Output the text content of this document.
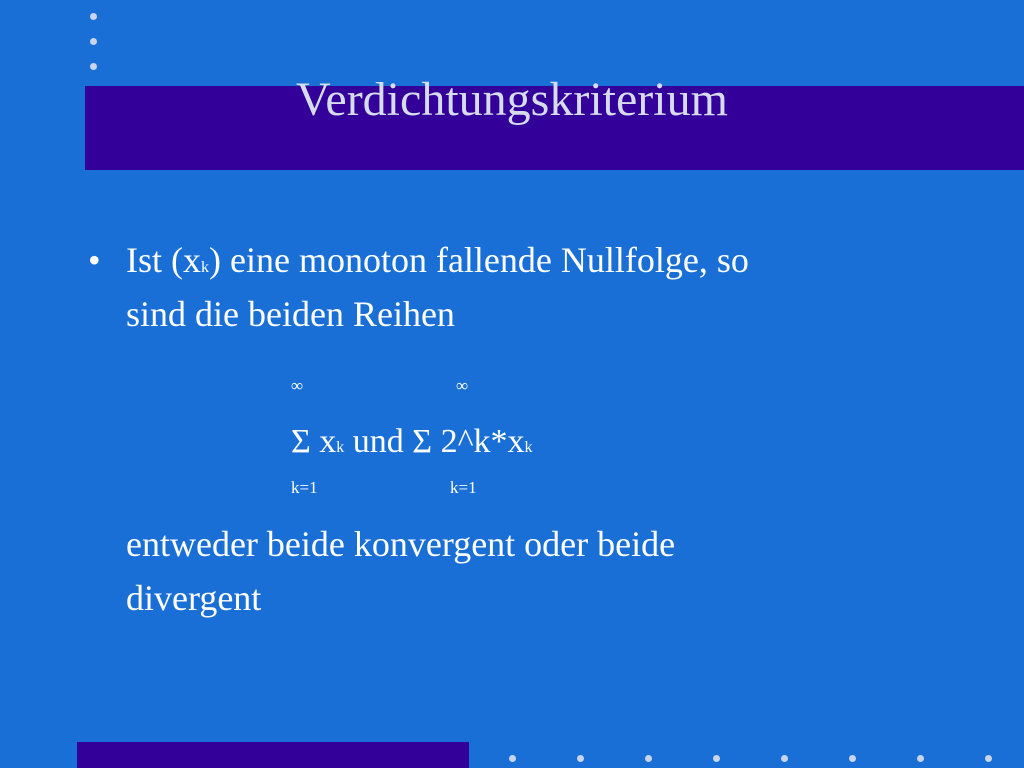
Verdichtungskriterium
• Ist (xk) eine monoton fallende Nullfolge, so
sind die beiden Reihen
∞	∞
Σ xk und Σ 2^k*xk
k=1	k=1
entweder beide konvergent oder beide
divergent
